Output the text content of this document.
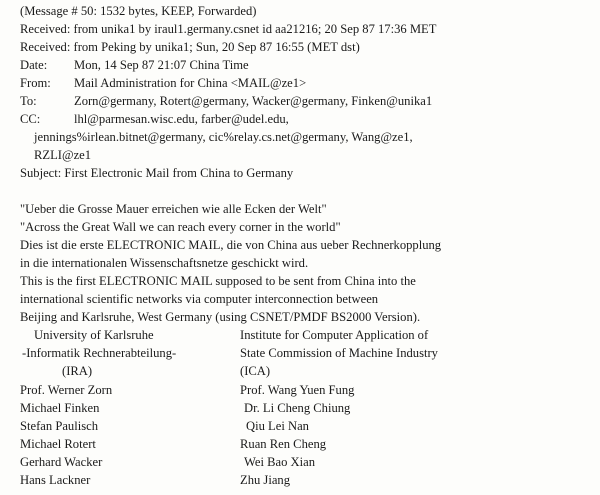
(Message # 50: 1532 bytes, KEEP, Forwarded)
Received: from unika1 by iraul1.germany.csnet id aa21216; 20 Sep 87 17:36 MET
Received: from Peking by unika1; Sun, 20 Sep 87 16:55 (MET dst)
Date: Mon, 14 Sep 87 21:07 China Time
From: Mail Administration for China <MAIL@ze1>
To:	Zorn@germany, Rotert@germany, Wacker@germany, Finken@unika1
CC:	lhl@parmesan.wisc.edu, farber@udel.edu,
jennings%irlean.bitnet@germany, cic%relay.cs.net@germany, Wang@ze1,
RZLI@ze1
Subject: First Electronic Mail from China to Germany
"Ueber die Grosse Mauer erreichen wie alle Ecken der Welt"
"Across the Great Wall we can reach every corner in the world"
Dies ist die erste ELECTRONIC MAIL, die von China aus ueber Rechnerkopplung
in die internationalen Wissenschaftsnetze geschickt wird.
This is the first ELECTRONIC MAIL supposed to be sent from China into the
international scientific networks via computer interconnection between
Beijing and Karlsruhe, West Germany (using CSNET/PMDF BS2000 Version).
University of Karlsruhe
-Informatik Rechnerabteilung-
(IRA)
Institute for Computer Application of
State Commission of Machine Industry
(ICA)
Prof. Werner Zorn
Michael Finken
Stefan Paulisch
Michael Rotert
Gerhard Wacker
Hans Lackner
Prof. Wang Yuen Fung
Dr. Li Cheng Chiung
Qiu Lei Nan
Ruan Ren Cheng
Wei Bao Xian
Zhu Jiang
